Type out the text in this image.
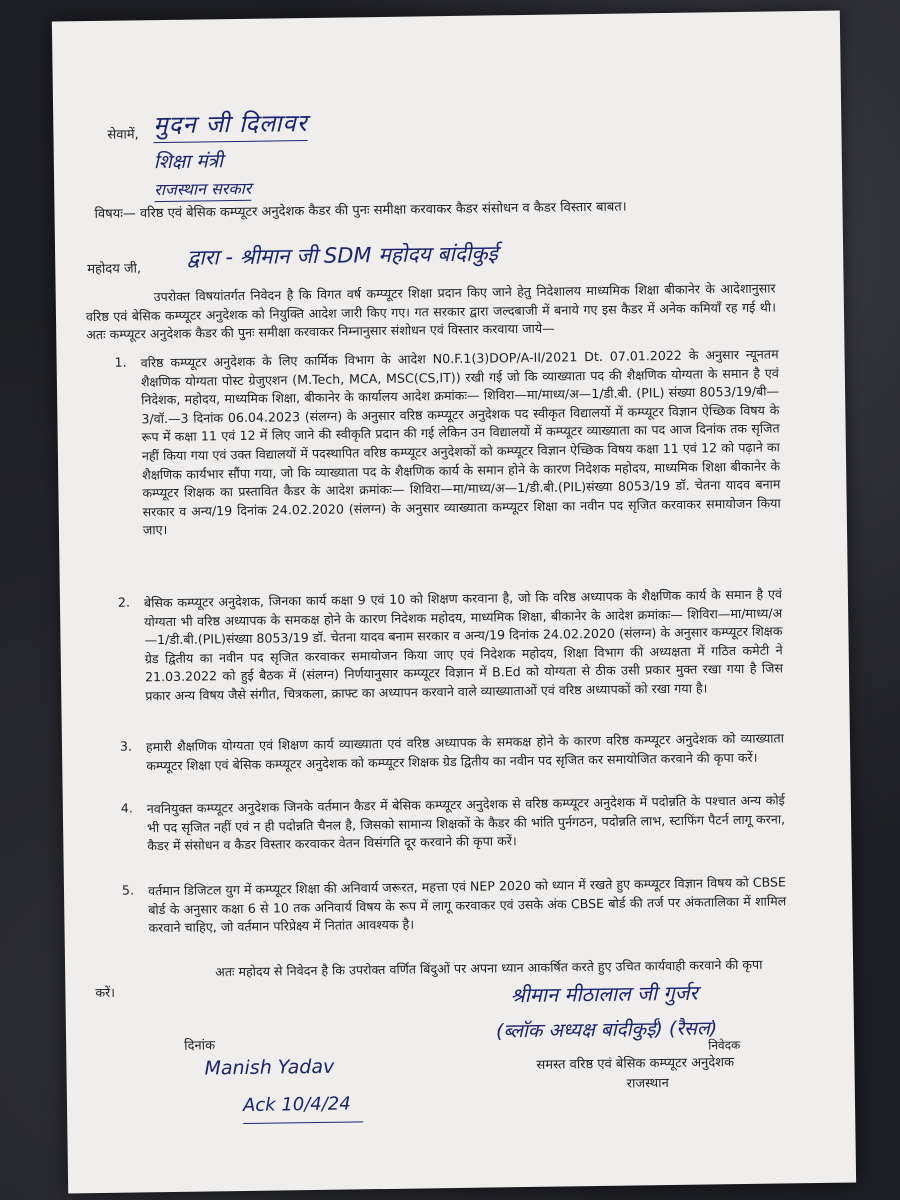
सेवामें, मुदन जी दिलावर
शिक्षा मंत्री
राजस्थान सरकार
विषयः— वरिष्ठ एवं बेसिक कम्प्यूटर अनुदेशक कैडर की पुनः समीक्षा करवाकर कैडर संसोधन व कैडर विस्तार बाबत।
महोदय जी, द्वारा - श्रीमान जी SDM महोदय बांदीकुई
उपरोक्त विषयांतर्गत निवेदन है कि विगत वर्ष कम्प्यूटर शिक्षा प्रदान किए जाने हेतु निदेशालय माध्यमिक शिक्षा बीकानेर के आदेशानुसार वरिष्ठ एवं बेसिक कम्प्यूटर अनुदेशक को नियुक्ति आदेश जारी किए गए। गत सरकार द्वारा जल्दबाजी में बनाये गए इस कैडर में अनेक कमियाँ रह गई थी। अतः कम्प्यूटर अनुदेशक कैडर की पुनः समीक्षा करवाकर निम्नानुसार संशोधन एवं विस्तार करवाया जाये—
1. वरिष्ठ कम्प्यूटर अनुदेशक के लिए कार्मिक विभाग के आदेश N0.F.1(3)DOP/A-II/2021 Dt. 07.01.2022 के अनुसार न्यूनतम शैक्षणिक योग्यता पोस्ट ग्रेजुएशन (M.Tech, MCA, MSC(CS,IT)) रखी गई जो कि व्याख्याता पद की शैक्षणिक योग्यता के समान है एवं निदेशक, महोदय, माध्यमिक शिक्षा, बीकानेर के कार्यालय आदेश क्रमांकः— शिविरा—मा/माध्य/अ—1/डी.बी. (PIL) संख्या 8053/19/बी—3/वॉ.—3 दिनांक 06.04.2023 (संलग्न) के अनुसार वरिष्ठ कम्प्यूटर अनुदेशक पद स्वीकृत विद्यालयों में कम्प्यूटर विज्ञान ऐच्छिक विषय के रूप में कक्षा 11 एवं 12 में लिए जाने की स्वीकृति प्रदान की गई लेकिन उन विद्यालयों में कम्प्यूटर व्याख्याता का पद आज दिनांक तक सृजित नहीं किया गया एवं उक्त विद्यालयों में पदस्थापित वरिष्ठ कम्प्यूटर अनुदेशकों को कम्प्यूटर विज्ञान ऐच्छिक विषय कक्षा 11 एवं 12 को पढ़ाने का शैक्षणिक कार्यभार सौंपा गया, जो कि व्याख्याता पद के शैक्षणिक कार्य के समान होने के कारण निदेशक महोदय, माध्यमिक शिक्षा बीकानेर के कम्प्यूटर शिक्षक का प्रस्तावित कैडर के आदेश क्रमांकः— शिविरा—मा/माध्य/अ—1/डी.बी.(PIL)संख्या 8053/19 डॉ. चेतना यादव बनाम सरकार व अन्य/19 दिनांक 24.02.2020 (संलग्न) के अनुसार व्याख्याता कम्प्यूटर शिक्षा का नवीन पद सृजित करवाकर समायोजन किया जाए।
2. बेसिक कम्प्यूटर अनुदेशक, जिनका कार्य कक्षा 9 एवं 10 को शिक्षण करवाना है, जो कि वरिष्ठ अध्यापक के शैक्षणिक कार्य के समान है एवं योग्यता भी वरिष्ठ अध्यापक के समकक्ष होने के कारण निदेशक महोदय, माध्यमिक शिक्षा, बीकानेर के आदेश क्रमांकः— शिविरा—मा/माध्य/अ—1/डी.बी.(PIL)संख्या 8053/19 डॉ. चेतना यादव बनाम सरकार व अन्य/19 दिनांक 24.02.2020 (संलग्न) के अनुसार कम्प्यूटर शिक्षक ग्रेड द्वितीय का नवीन पद सृजित करवाकर समायोजन किया जाए एवं निदेशक महोदय, शिक्षा विभाग की अध्यक्षता में गठित कमेटी ने 21.03.2022 को हुई बैठक में (संलग्न) निर्णयानुसार कम्प्यूटर विज्ञान में B.Ed को योग्यता से ठीक उसी प्रकार मुक्त रखा गया है जिस प्रकार अन्य विषय जैसे संगीत, चित्रकला, क्राफ्ट का अध्यापन करवाने वाले व्याख्याताओं एवं वरिष्ठ अध्यापकों को रखा गया है।
3. हमारी शैक्षणिक योग्यता एवं शिक्षण कार्य व्याख्याता एवं वरिष्ठ अध्यापक के समकक्ष होने के कारण वरिष्ठ कम्प्यूटर अनुदेशक को व्याख्याता कम्प्यूटर शिक्षा एवं बेसिक कम्प्यूटर अनुदेशक को कम्प्यूटर शिक्षक ग्रेड द्वितीय का नवीन पद सृजित कर समायोजित करवाने की कृपा करें।
4. नवनियुक्त कम्प्यूटर अनुदेशक जिनके वर्तमान कैडर में बेसिक कम्प्यूटर अनुदेशक से वरिष्ठ कम्प्यूटर अनुदेशक में पदोन्नति के पश्चात अन्य कोई भी पद सृजित नहीं एवं न ही पदोन्नति चैनल है, जिसको सामान्य शिक्षकों के कैडर की भांति पुर्नगठन, पदोन्नति लाभ, स्टाफिंग पैटर्न लागू करना, कैडर में संसोधन व कैडर विस्तार करवाकर वेतन विसंगति दूर करवाने की कृपा करें।
5. वर्तमान डिजिटल युग में कम्प्यूटर शिक्षा की अनिवार्य जरूरत, महत्ता एवं NEP 2020 को ध्यान में रखते हुए कम्प्यूटर विज्ञान विषय को CBSE बोर्ड के अनुसार कक्षा 6 से 10 तक अनिवार्य विषय के रूप में लागू करवाकर एवं उसके अंक CBSE बोर्ड की तर्ज पर अंकतालिका में शामिल करवाने चाहिए, जो वर्तमान परिप्रेक्ष्य में नितांत आवश्यक है।
अतः महोदय से निवेदन है कि उपरोक्त वर्णित बिंदुओं पर अपना ध्यान आकर्षित करते हुए उचित कार्यवाही करवाने की कृपा करें।	श्रीमान मीठालाल जी गुर्जर
(ब्लॉक अध्यक्ष बांदीकुई) (रैसल)
निवेदक
समस्त वरिष्ठ एवं बेसिक कम्प्यूटर अनुदेशक
राजस्थान
दिनांक
Manish Yadav
Ack 10/4/24
